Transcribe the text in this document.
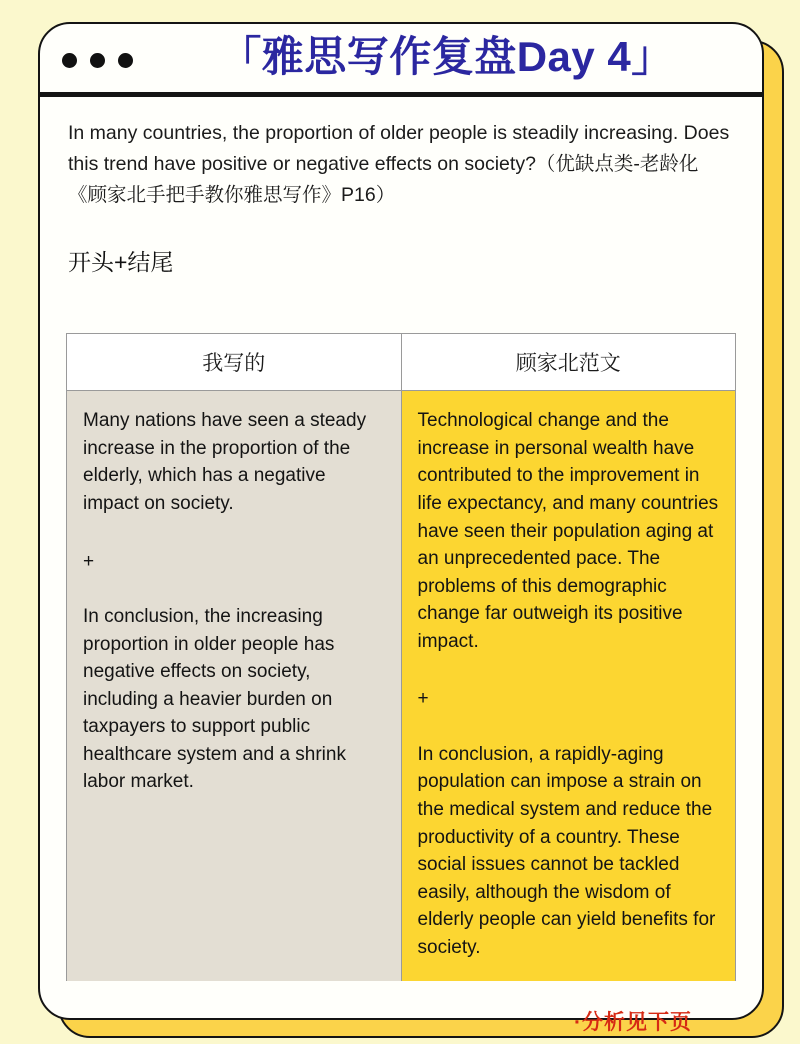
「雅思写作复盘Day 4」

In many countries, the proportion of older people is steadily increasing. Does this trend have positive or negative effects on society?（优缺点类-老龄化《顾家北手把手教你雅思写作》P16）

开头+结尾
我写的

Many nations have seen a steady increase in the proportion of the elderly, which has a negative impact on society.

+

In conclusion, the increasing proportion in older people has negative effects on society, including a heavier burden on taxpayers to support public healthcare system and a shrink labor market.

顾家北范文

Technological change and the increase in personal wealth have contributed to the improvement in life expectancy, and many countries have seen their population aging at an unprecedented pace. The problems of this demographic change far outweigh its positive impact.

+

In conclusion, a rapidly-aging population can impose a strain on the medical system and reduce the productivity of a country. These social issues cannot be tackled easily, although the wisdom of elderly people can yield benefits for society.

·分析见下页
